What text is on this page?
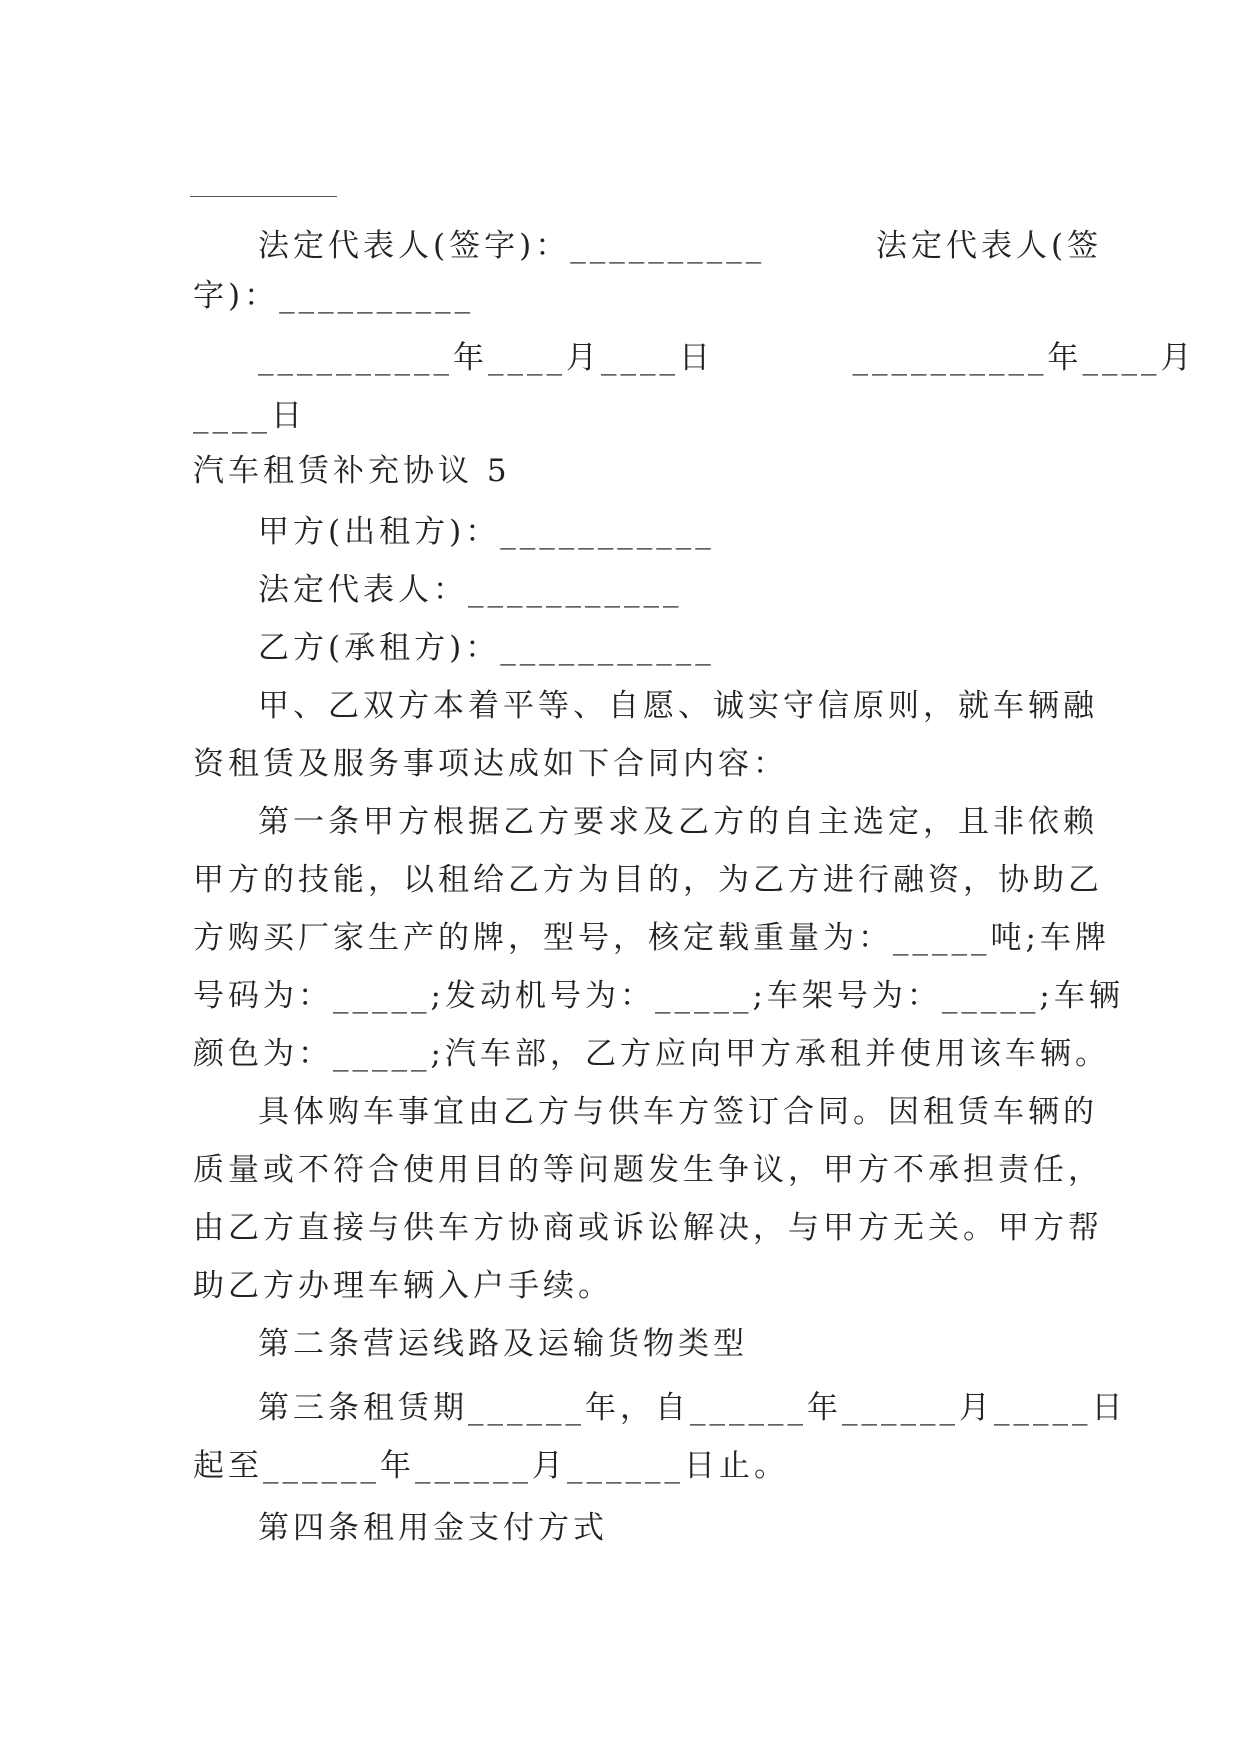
法定代表人(签字)：__________        法定代表人(签
字)：__________
__________年____月____日          __________年____月
____日
汽车租赁补充协议 5
甲方(出租方)：___________
法定代表人：___________
乙方(承租方)：___________
甲、乙双方本着平等、自愿、诚实守信原则，就车辆融
资租赁及服务事项达成如下合同内容：
第一条甲方根据乙方要求及乙方的自主选定，且非依赖
甲方的技能，以租给乙方为目的，为乙方进行融资，协助乙
方购买厂家生产的牌，型号，核定载重量为：_____吨;车牌
号码为：_____;发动机号为：_____;车架号为：_____;车辆
颜色为：_____;汽车部，乙方应向甲方承租并使用该车辆。
具体购车事宜由乙方与供车方签订合同。因租赁车辆的
质量或不符合使用目的等问题发生争议，甲方不承担责任，
由乙方直接与供车方协商或诉讼解决，与甲方无关。甲方帮
助乙方办理车辆入户手续。
第二条营运线路及运输货物类型
第三条租赁期______年，自______年______月_____日
起至______年______月______日止。
第四条租用金支付方式
